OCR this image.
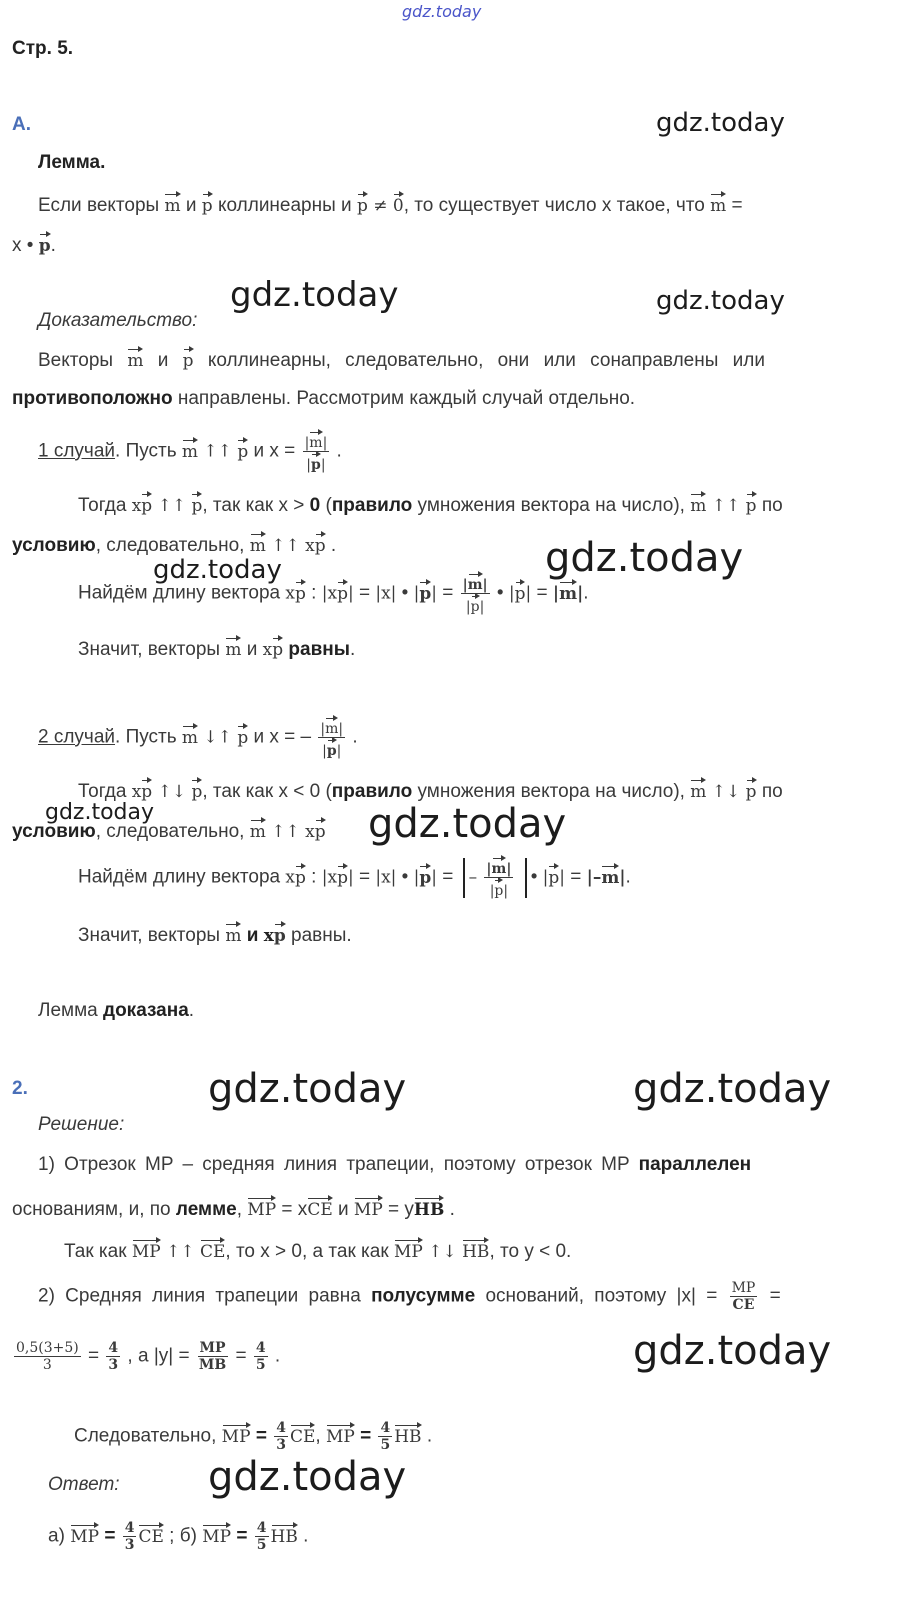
gdz.today
gdz.today
gdz.today	gdz.today
gdz.today
gdz.today
gdz.today	gdz.today
gdz.today	gdz.today
gdz.today
gdz.today
Стр. 5.
А.
Лемма.
Если векторы m и p коллинеарны и p ≠ 0, то существует число x такое, что m =
x • p.
Доказательство:
Векторы m и p коллинеарны, следовательно, они или сонаправлены или
противоположно направлены. Рассмотрим каждый случай отдельно.
1 случай. Пусть m ↑↑ p и $x = \frac{|m|}{|p|}$ .
Тогда xp ↑↑ p, так как x > 0 (правило умножения вектора на число), m ↑↑ p по
условию, следовательно, m ↑↑ xp .
Найдём длину вектора xp : |xp| = |x| • $|p| = \frac{|m|}{|p|}$ • |p| = |m|.
Значит, векторы m и xp равны.
2 случай. Пусть m ↓↑ p и x = – $\frac{|m|}{|p|}$ .
Тогда xp ↑↓ p, так как x < 0 (правило умножения вектора на число), m ↑↓ p по
условию, следовательно, m ↑↑ xp
Найдём длину вектора xp : |xp| = |x| • |p| = – $\frac{|m|}{|p|}$ • |p| = |–m|.
Значит, векторы m и xp равны.
Лемма доказана.
2.
Решение:
1) Отрезок MP – средняя линия трапеции, поэтому отрезок MP параллелен
основаниям, и, по лемме, MP = xCE и MP = yHB .
Так как MP ↑↑ CE, то x > 0, а так как MP ↑↓ HB, то y < 0.
2) Средняя линия трапеции равна полусумме оснований, поэтому $|x| = \frac{MP}{CE}$ =
$\frac{0,5(3+5)}{3} = \frac{4}{3}$ , а $|y| = \frac{MP}{MB} = \frac{4}{5}$ .
Следовательно, MP = $\frac{4}{3}$ CE, MP = $\frac{4}{5}$ HB .
Ответ:
а) MP = $\frac{4}{3}$ CE ; б) MP = $\frac{4}{5}$ HB .
